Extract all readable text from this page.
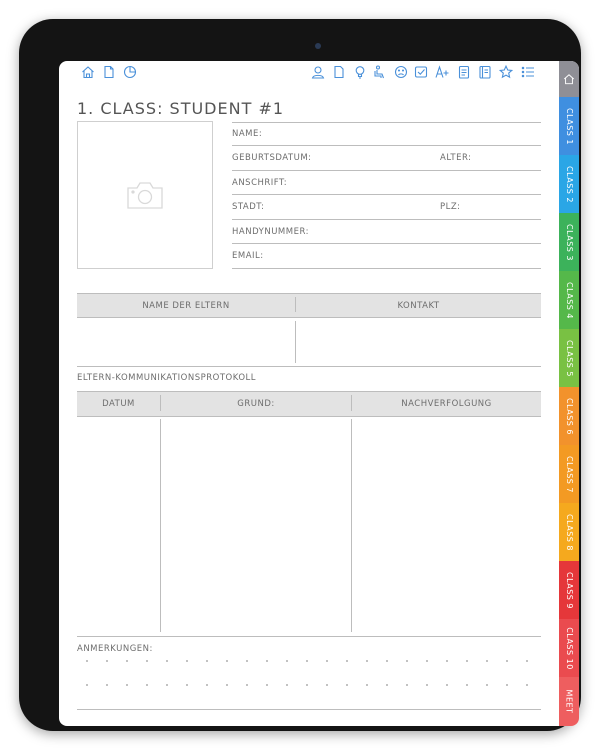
1. CLASS: STUDENT #1
NAME:
GEBURTSDATUM:	ALTER:
ANSCHRIFT:
STADT:	PLZ:
HANDYNUMMER:
EMAIL:
NAME DER ELTERN	KONTAKT
ELTERN-KOMMUNIKATIONSPROTOKOLL
DATUM	GRUND:	NACHVERFOLGUNG
ANMERKUNGEN:
CLASS 1
CLASS 2
CLASS 3
CLASS 4
CLASS 5
CLASS 6
CLASS 7
CLASS 8
CLASS 9
CLASS 10
MEET
